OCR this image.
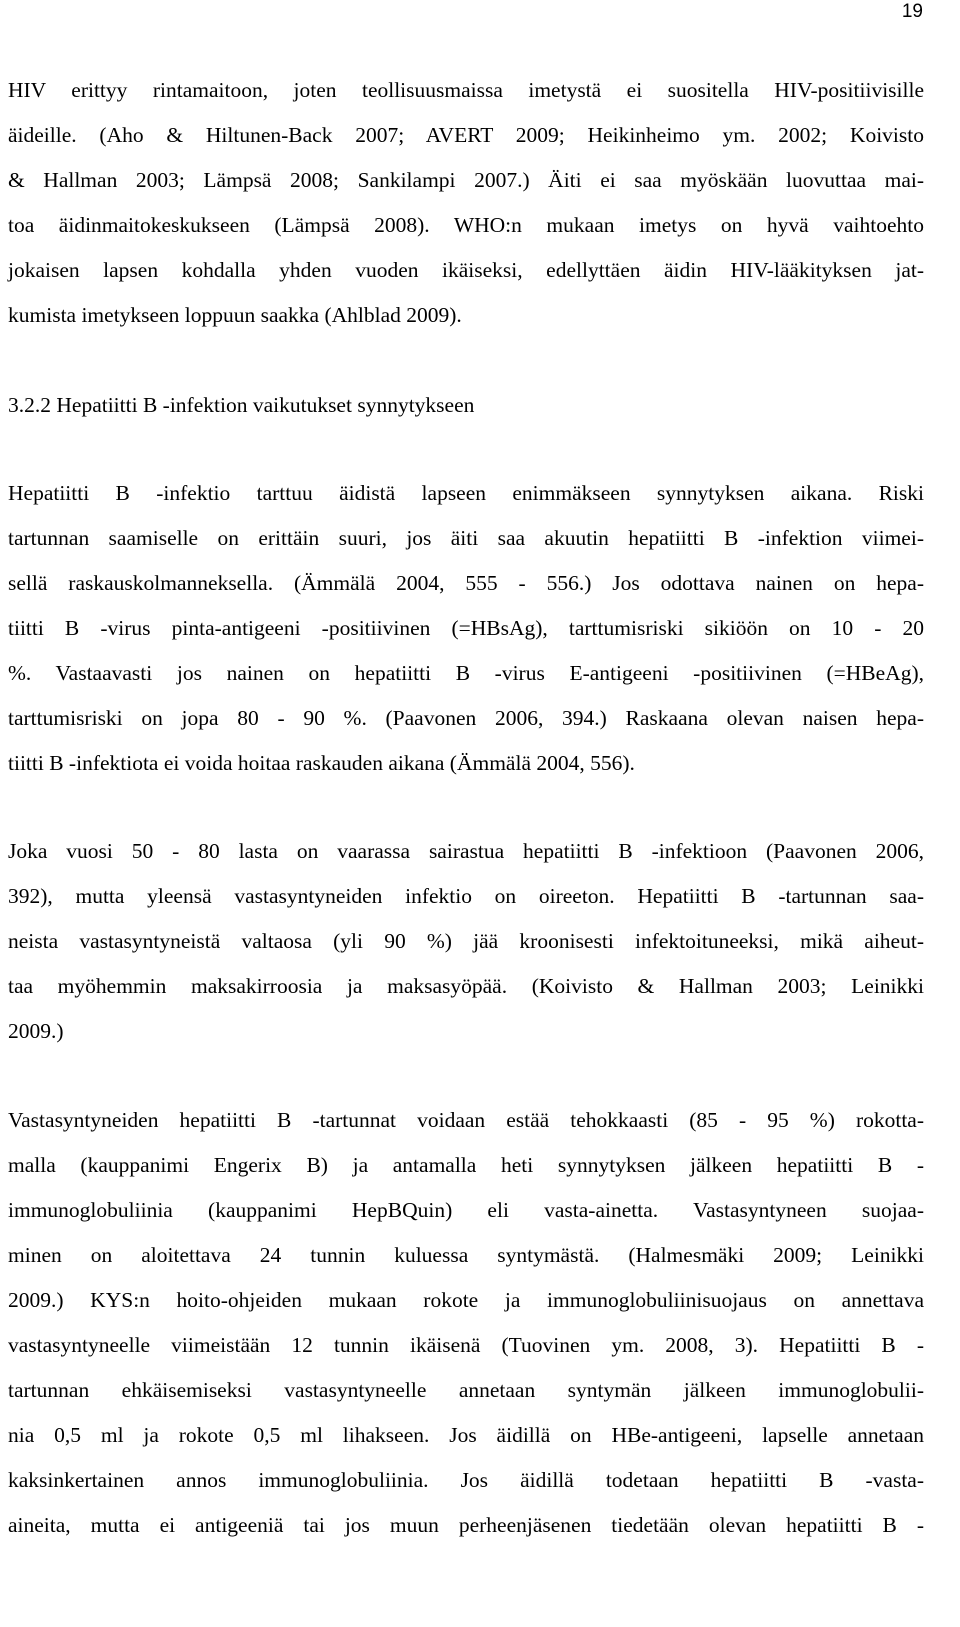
19
HIV erittyy rintamaitoon, joten teollisuusmaissa imetystä ei suositella HIV-positiivisille
äideille. (Aho & Hiltunen-Back 2007; AVERT 2009; Heikinheimo ym. 2002; Koivisto
& Hallman 2003; Lämpsä 2008; Sankilampi 2007.) Äiti ei saa myöskään luovuttaa mai-
toa äidinmaitokeskukseen (Lämpsä 2008). WHO:n mukaan imetys on hyvä vaihtoehto
jokaisen lapsen kohdalla yhden vuoden ikäiseksi, edellyttäen äidin HIV-lääkityksen jat-
kumista imetykseen loppuun saakka (Ahlblad 2009).
3.2.2 Hepatiitti B -infektion vaikutukset synnytykseen
Hepatiitti B -infektio tarttuu äidistä lapseen enimmäkseen synnytyksen aikana. Riski
tartunnan saamiselle on erittäin suuri, jos äiti saa akuutin hepatiitti B -infektion viimei-
sellä raskauskolmanneksella. (Ämmälä 2004, 555 - 556.) Jos odottava nainen on hepa-
tiitti B -virus pinta-antigeeni -positiivinen (=HBsAg), tarttumisriski sikiöön on 10 - 20
%. Vastaavasti jos nainen on hepatiitti B -virus E-antigeeni -positiivinen (=HBeAg),
tarttumisriski on jopa 80 - 90 %. (Paavonen 2006, 394.) Raskaana olevan naisen hepa-
tiitti B -infektiota ei voida hoitaa raskauden aikana (Ämmälä 2004, 556).
Joka vuosi 50 - 80 lasta on vaarassa sairastua hepatiitti B -infektioon (Paavonen 2006,
392), mutta yleensä vastasyntyneiden infektio on oireeton. Hepatiitti B -tartunnan saa-
neista vastasyntyneistä valtaosa (yli 90 %) jää kroonisesti infektoituneeksi, mikä aiheut-
taa myöhemmin maksakirroosia ja maksasyöpää. (Koivisto & Hallman 2003; Leinikki
2009.)
Vastasyntyneiden hepatiitti B -tartunnat voidaan estää tehokkaasti (85 - 95 %) rokotta-
malla (kauppanimi Engerix B) ja antamalla heti synnytyksen jälkeen hepatiitti B -
immunoglobuliinia (kauppanimi HepBQuin) eli vasta-ainetta. Vastasyntyneen suojaa-
minen on aloitettava 24 tunnin kuluessa syntymästä. (Halmesmäki 2009; Leinikki
2009.) KYS:n hoito-ohjeiden mukaan rokote ja immunoglobuliinisuojaus on annettava
vastasyntyneelle viimeistään 12 tunnin ikäisenä (Tuovinen ym. 2008, 3). Hepatiitti B -
tartunnan ehkäisemiseksi vastasyntyneelle annetaan syntymän jälkeen immunoglobulii-
nia 0,5 ml ja rokote 0,5 ml lihakseen. Jos äidillä on HBe-antigeeni, lapselle annetaan
kaksinkertainen annos immunoglobuliinia. Jos äidillä todetaan hepatiitti B -vasta-
aineita, mutta ei antigeeniä tai jos muun perheenjäsenen tiedetään olevan hepatiitti B -
